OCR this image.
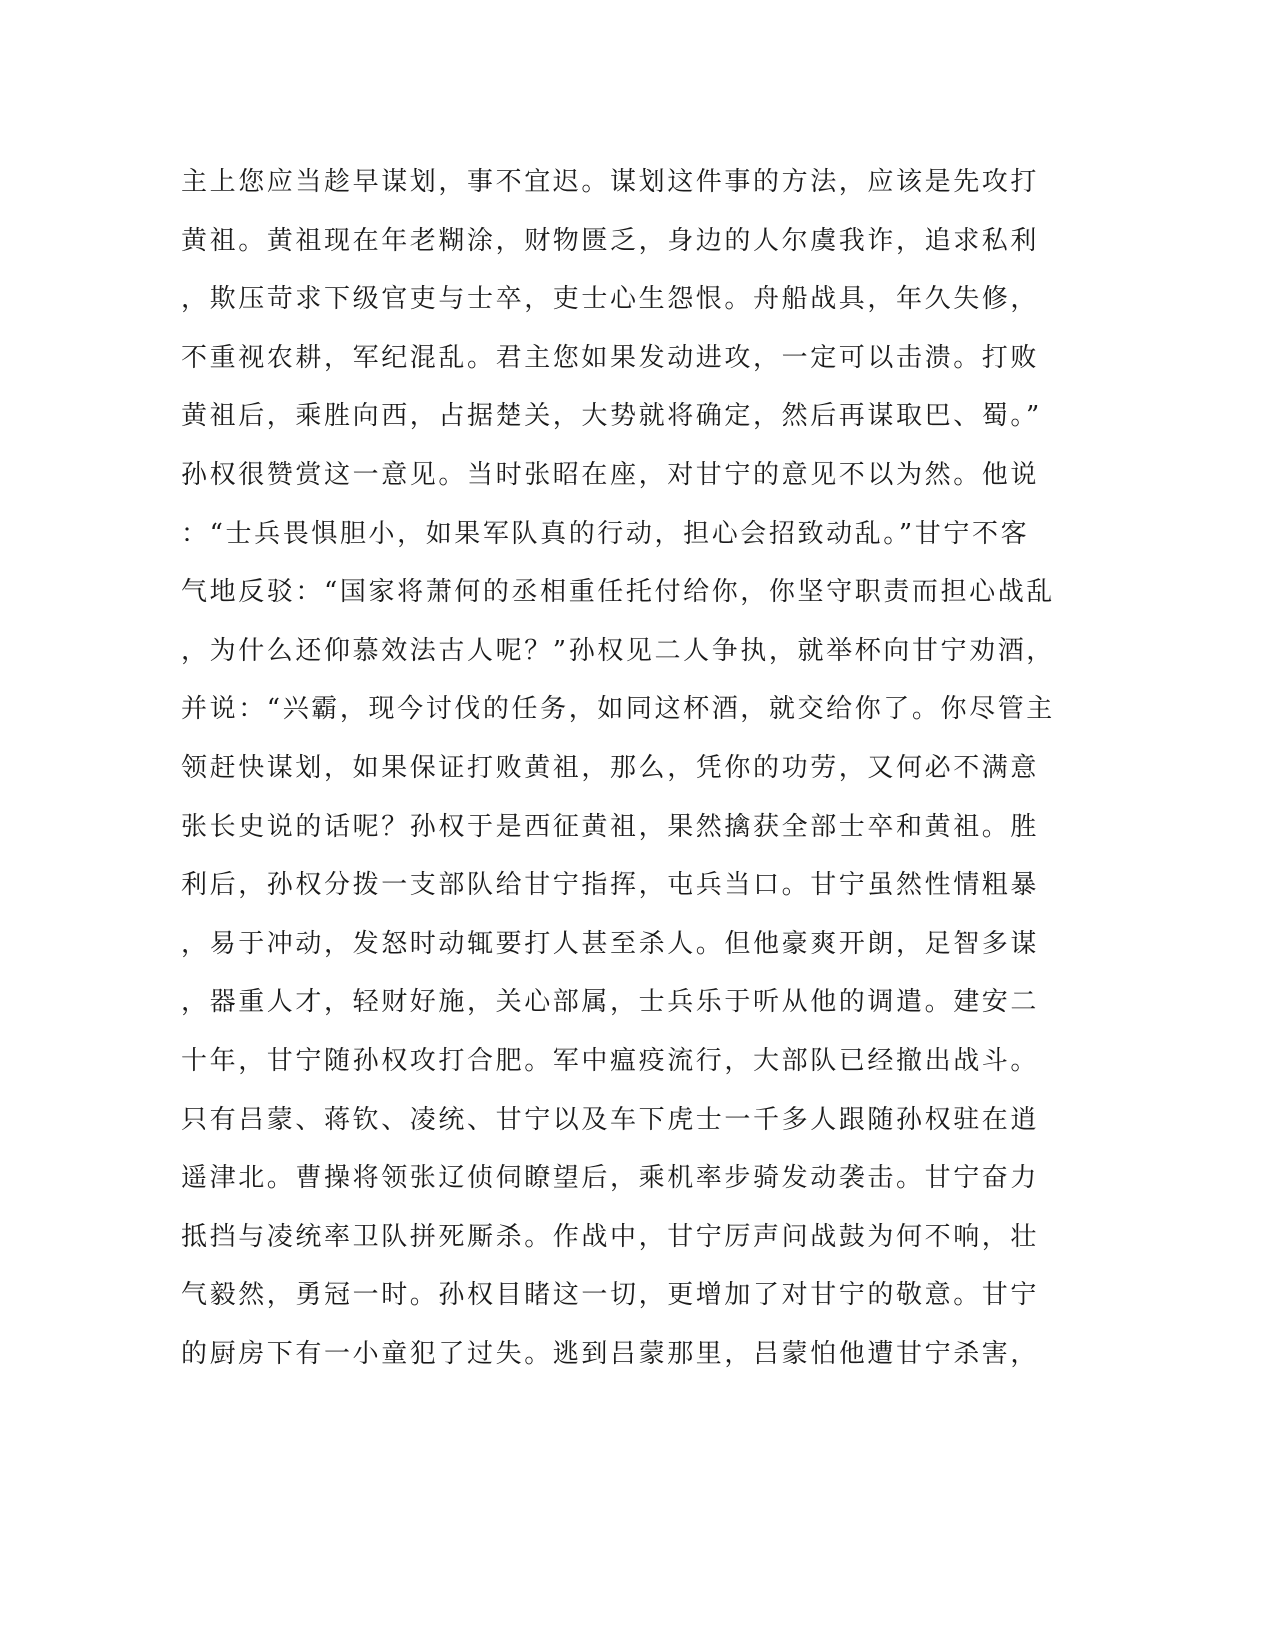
主上您应当趁早谋划，事不宜迟。谋划这件事的方法，应该是先攻打
黄祖。黄祖现在年老糊涂，财物匮乏，身边的人尔虞我诈，追求私利
，欺压苛求下级官吏与士卒，吏士心生怨恨。舟船战具，年久失修，
不重视农耕，军纪混乱。君主您如果发动进攻，一定可以击溃。打败
黄祖后，乘胜向西，占据楚关，大势就将确定，然后再谋取巴、蜀。”
孙权很赞赏这一意见。当时张昭在座，对甘宁的意见不以为然。他说
：“士兵畏惧胆小，如果军队真的行动，担心会招致动乱。”甘宁不客
气地反驳：“国家将萧何的丞相重任托付给你，你坚守职责而担心战乱
，为什么还仰慕效法古人呢？”孙权见二人争执，就举杯向甘宁劝酒，
并说：“兴霸，现今讨伐的任务，如同这杯酒，就交给你了。你尽管主
领赶快谋划，如果保证打败黄祖，那么，凭你的功劳，又何必不满意
张长史说的话呢？孙权于是西征黄祖，果然擒获全部士卒和黄祖。胜
利后，孙权分拨一支部队给甘宁指挥，屯兵当口。甘宁虽然性情粗暴
，易于冲动，发怒时动辄要打人甚至杀人。但他豪爽开朗，足智多谋
，器重人才，轻财好施，关心部属，士兵乐于听从他的调遣。建安二
十年，甘宁随孙权攻打合肥。军中瘟疫流行，大部队已经撤出战斗。
只有吕蒙、蒋钦、凌统、甘宁以及车下虎士一千多人跟随孙权驻在逍
遥津北。曹操将领张辽侦伺瞭望后，乘机率步骑发动袭击。甘宁奋力
抵挡与凌统率卫队拼死厮杀。作战中，甘宁厉声问战鼓为何不响，壮
气毅然，勇冠一时。孙权目睹这一切，更增加了对甘宁的敬意。甘宁
的厨房下有一小童犯了过失。逃到吕蒙那里，吕蒙怕他遭甘宁杀害，
